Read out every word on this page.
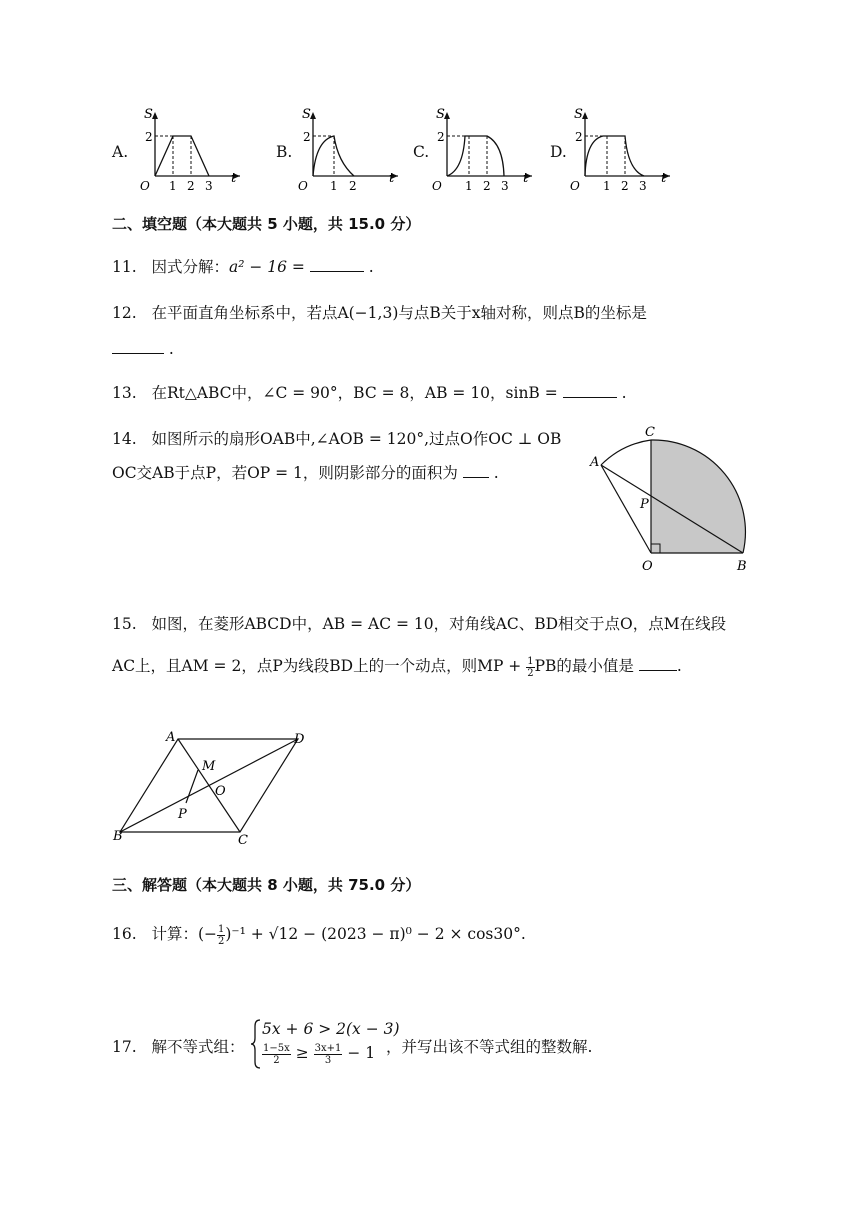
A.	B.	C.	D.
S
2
O 1 2 3 t
S
2
O 1 2 t
S
2
O 1 2 3 t
S
2
O 1 2 3 t
二、填空题（本大题共 5 小题，共 15.0 分）
11. 因式分解：a² − 16 =	.
12. 在平面直角坐标系中，若点A(−1,3)与点B关于x轴对称，则点B的坐标是
.
13. 在Rt△ABC中，∠C = 90°，BC = 8，AB = 10，sinB =	.
14. 如图所示的扇形OAB中,∠AOB = 120°,过点O作OC ⊥ OB
OC交AB于点P，若OP = 1，则阴影部分的面积为  .
C
A
P
O	B
15. 如图，在菱形ABCD中，AB = AC = 10，对角线AC、BD相交于点O，点M在线段
AC上，且AM = 2，点P为线段BD上的一个动点，则MP + $\frac{1}{2}$ PB的最小值是	.
A	D
M
O
P
B	C
三、解答题（本大题共 8 小题，共 75.0 分）
16. 计算：(− $\frac{1}{2} )^{-1} + √12 - (2023 - \pi)^0 - 2 \times \cos 30^\circ$.
17. 解不等式组：
5x + 6 > 2(x − 3)
$\frac{1-5x}{2} \ge \frac{3x+1}{3} - 1$ ，并写出该不等式组的整数解.
